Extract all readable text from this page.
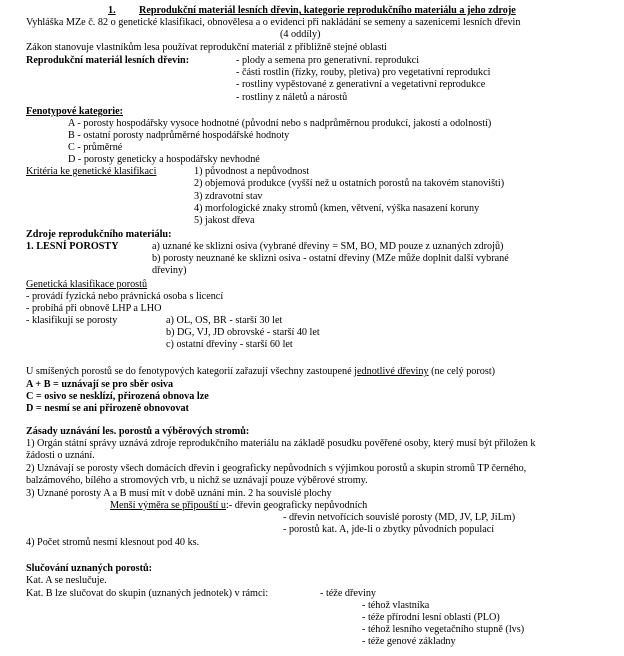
1. Reprodukční materiál lesních dřevin, kategorie reprodukčního materiálu a jeho zdroje
Vyhláška MZe č. 82 o genetické klasifikaci, obnovělesa a o evidenci při nakládání se semeny a sazenicemi lesních dřevin
(4 oddíly)
Zákon stanovuje vlastníkům lesa používat reprodukční materiál z přibližně stejné oblasti
Reprodukční materiál lesních dřevin:	- plody a semena pro generativní. reprodukci
- části rostlin (řízky, rouby, pletiva) pro vegetativní reprodukci
- rostliny vypěstované z generativní a vegetativní reprodukce
- rostliny z náletů a nárostů
Fenotypové kategorie:
A - porosty hospodářsky vysoce hodnotné (původní nebo s nadprůměrnou produkcí, jakostí a odolností)
B - ostatní porosty nadprůměrné hospodářské hodnoty
C - průměrné
D - porosty geneticky a hospodářsky nevhodné
Kritéria ke genetické klasifikaci	1) původnost a nepůvodnost
2) objemová produkce (vyšší než u ostatních porostů na takovém stanovišti)
3) zdravotní stav
4) morfologické znaky stromů (kmen, větvení, výška nasazení koruny
5) jakost dřeva
Zdroje reprodukčního materiálu:
1. LESNÍ POROSTY	a) uznané ke sklizni osiva (vybrané dřeviny = SM, BO, MD pouze z uznaných zdrojů)
b) porosty neuznané ke sklizni osiva - ostatní dřeviny (MZe může doplnit další vybrané
dřeviny)
Genetická klasifikace porostů
- provádí fyzická nebo právnická osoba s licencí
- probíhá při obnově LHP a LHO
- klasifikují se porosty	a) OL, OS, BR - starší 30 let
b) DG, VJ, JD obrovské - starší 40 let
c) ostatní dřeviny - starší 60 let
U smíšených porostů se do fenotypových kategorií zařazují všechny zastoupené jednotlivé dřeviny (ne celý porost)
A + B = uznávají se pro sběr osiva
C = osivo se nesklízí, přirozená obnova lze
D = nesmí se ani přirozeně obnovovat
Zásady uznávání les. porostů a výběrových stromů:
1) Orgán státní správy uznává zdroje reprodukčního materiálu na základě posudku pověřené osoby, který musí být přiložen k
žádosti o uznání.
2) Uznávají se porosty všech domácích dřevin i geograficky nepůvodních s výjimkou porostů a skupin stromů TP černého,
balzámového, bílého a stromových vrb, u nichž se uznávají pouze výběrové stromy.
3) Uznané porosty A a B musí mít v době uznání min. 2 ha souvislé plochy
Menší výměra se připouští u:- dřevin geograficky nepůvodních
- dřevin netvořících souvislé porosty (MD, JV, LP, JiLm)
- porostů kat. A, jde-li o zbytky původních populací
4) Počet stromů nesmí klesnout pod 40 ks.
Slučování uznaných porostů:
Kat. A se neslučuje.
Kat. B lze slučovat do skupin (uznaných jednotek) v rámci:	- téže dřeviny
- téhož vlastníka
- téže přírodní lesní oblasti (PLO)
- téhož lesního vegetačního stupně (lvs)
- téže genové základny
